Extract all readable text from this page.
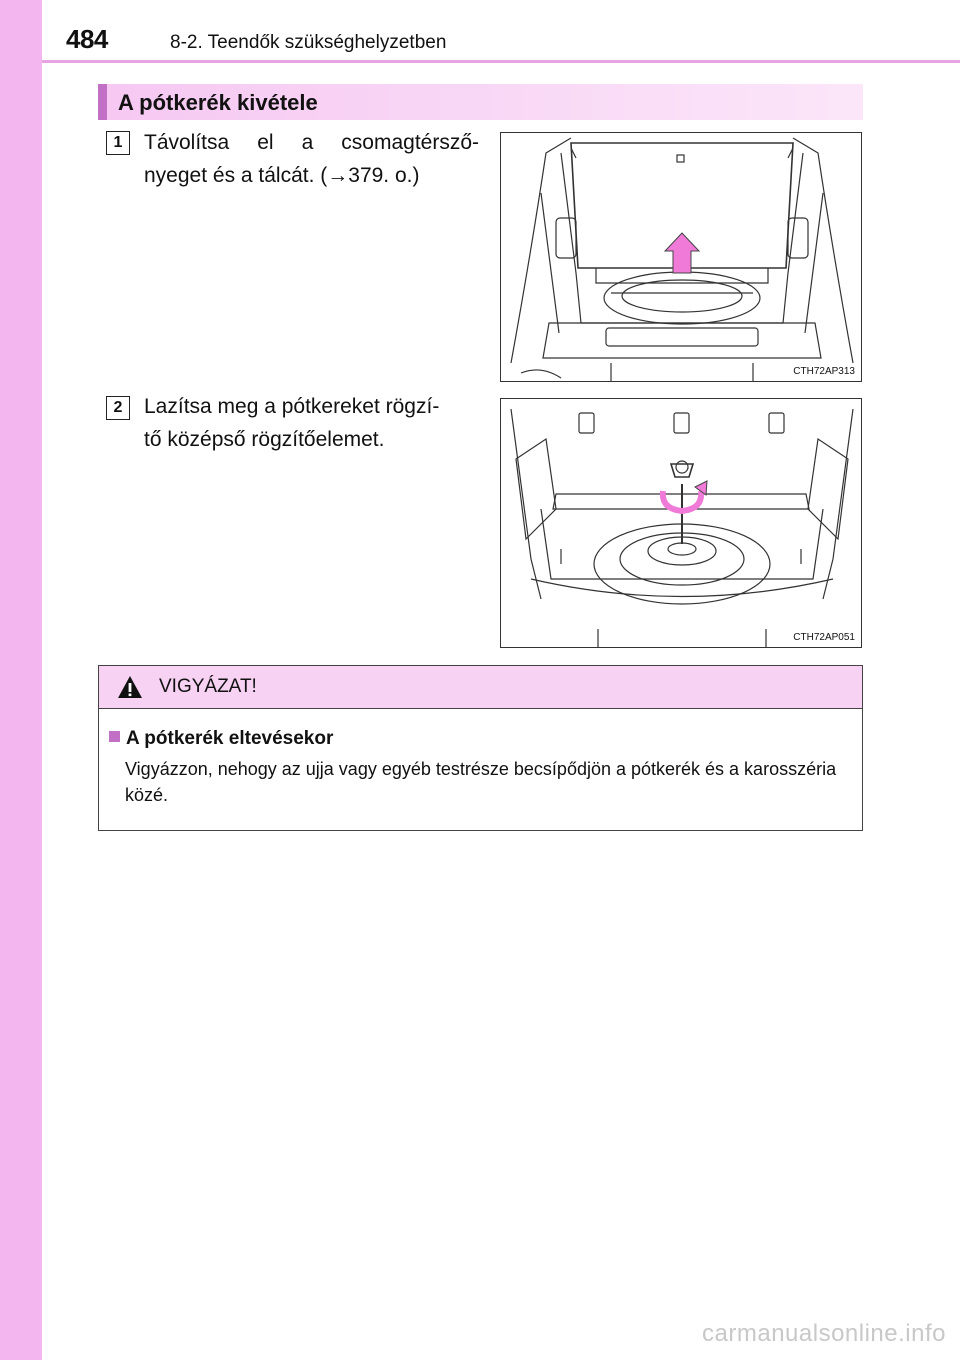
484	8-2. Teendők szükséghelyzetben
A pótkerék kivétele
1	Távolítsa el a csomagtérsző-
nyeget és a tálcát. (→379. o.)
CTH72AP313
2	Lazítsa meg a pótkereket rögzí-
tő középső rögzítőelemet.
CTH72AP051
VIGYÁZAT!
A pótkerék eltevésekor
Vigyázzon, nehogy az ujja vagy egyéb testrésze becsípődjön a pótkerék és a karosszéria közé.
carmanualsonline.info
